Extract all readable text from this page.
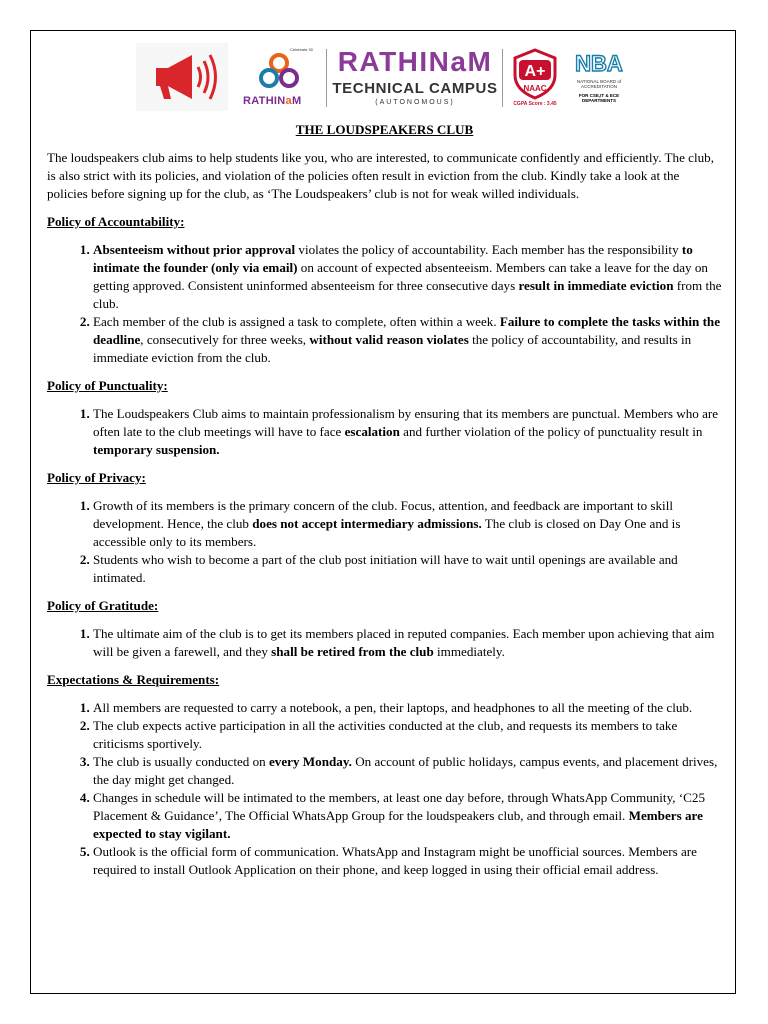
Celebrate 30
RATHINaM
RATHINaM
TECHNICAL CAMPUS
(AUTONOMOUS)
A+
NAAC
CGPA Score : 3.45
NBA
NATIONAL BOARD of ACCREDITATION
FOR CSE,IT & ECE DEPARTMENTS
THE LOUDSPEAKERS CLUB

The loudspeakers club aims to help students like you, who are interested, to communicate confidently and efficiently. The club, is also strict with its policies, and violation of the policies often result in eviction from the club. Kindly take a look at the policies before signing up for the club, as ‘The Loudspeakers’ club is not for weak willed individuals.

Policy of Accountability:
1. Absenteeism without prior approval violates the policy of accountability. Each member has the responsibility to intimate the founder (only via email) on account of expected absenteeism. Members can take a leave for the day on getting approved. Consistent uninformed absenteeism for three consecutive days result in immediate eviction from the club.
2. Each member of the club is assigned a task to complete, often within a week. Failure to complete the tasks within the deadline, consecutively for three weeks, without valid reason violates the policy of accountability, and results in immediate eviction from the club.
Policy of Punctuality:
1. The Loudspeakers Club aims to maintain professionalism by ensuring that its members are punctual. Members who are often late to the club meetings will have to face escalation and further violation of the policy of punctuality result in temporary suspension.
Policy of Privacy:
1. Growth of its members is the primary concern of the club. Focus, attention, and feedback are important to skill development. Hence, the club does not accept intermediary admissions. The club is closed on Day One and is accessible only to its members.
2. Students who wish to become a part of the club post initiation will have to wait until openings are available and intimated.
Policy of Gratitude:
1. The ultimate aim of the club is to get its members placed in reputed companies. Each member upon achieving that aim will be given a farewell, and they shall be retired from the club immediately.
Expectations & Requirements:
1. All members are requested to carry a notebook, a pen, their laptops, and headphones to all the meeting of the club.
2. The club expects active participation in all the activities conducted at the club, and requests its members to take criticisms sportively.
3. The club is usually conducted on every Monday. On account of public holidays, campus events, and placement drives, the day might get changed.
4. Changes in schedule will be intimated to the members, at least one day before, through WhatsApp Community, ‘C25 Placement & Guidance’, The Official WhatsApp Group for the loudspeakers club, and through email. Members are expected to stay vigilant.
5. Outlook is the official form of communication. WhatsApp and Instagram might be unofficial sources. Members are required to install Outlook Application on their phone, and keep logged in using their official email address.
